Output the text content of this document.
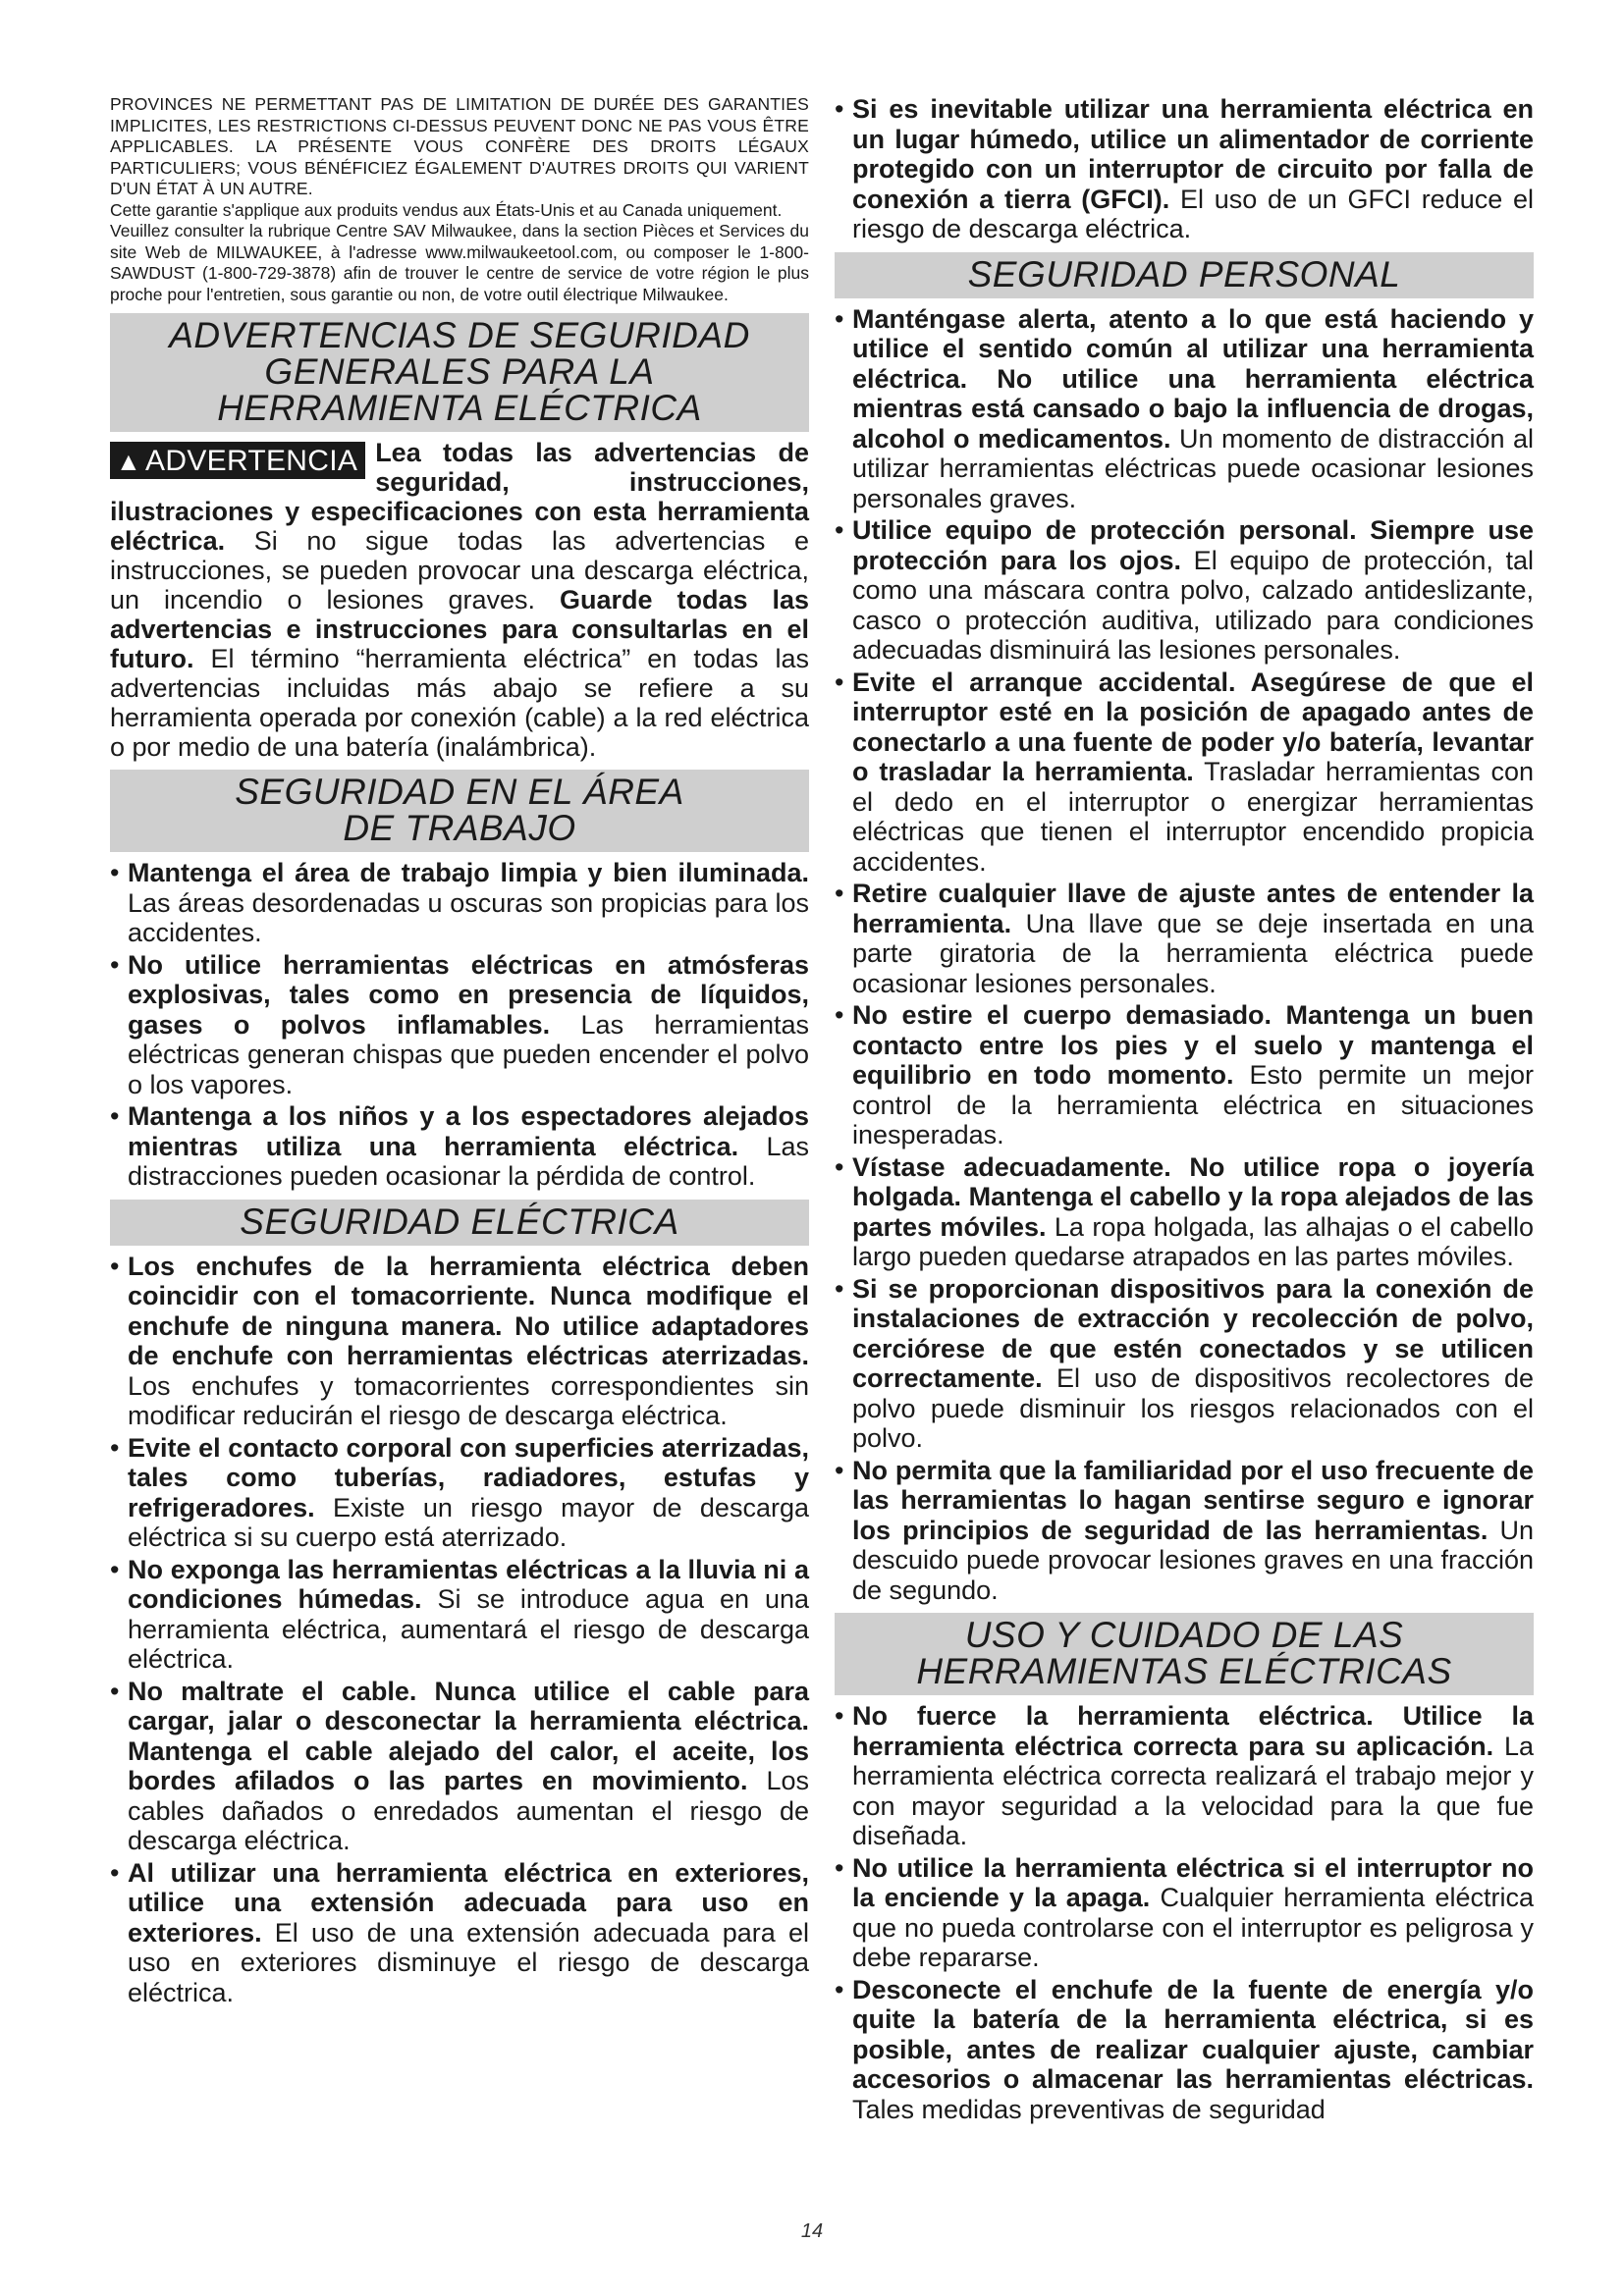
PROVINCES NE PERMETTANT PAS DE LIMITATION DE DURÉE DES GARANTIES IMPLICITES, LES RESTRICTIONS CI-DESSUS PEUVENT DONC NE PAS VOUS ÊTRE APPLICABLES. LA PRÉSENTE VOUS CONFÈRE DES DROITS LÉGAUX PARTICULIERS; VOUS BÉNÉFICIEZ ÉGALEMENT D'AUTRES DROITS QUI VARIENT D'UN ÉTAT À UN AUTRE.

Cette garantie s'applique aux produits vendus aux États-Unis et au Canada uniquement.

Veuillez consulter la rubrique Centre SAV Milwaukee, dans la section Pièces et Services du site Web de MILWAUKEE, à l'adresse www.milwaukeetool.com, ou composer le 1-800-SAWDUST (1-800-729-3878) afin de trouver le centre de service de votre région le plus proche pour l'entretien, sous garantie ou non, de votre outil électrique Milwaukee.

ADVERTENCIAS DE SEGURIDAD
GENERALES PARA LA
HERRAMIENTA ELÉCTRICA
▲ ADVERTENCIA Lea todas las advertencias de seguridad, instrucciones, ilustraciones y especificaciones con esta herramienta eléctrica. Si no sigue todas las advertencias e instrucciones, se pueden provocar una descarga eléctrica, un incendio o lesiones graves. Guarde todas las advertencias e instrucciones para consultarlas en el futuro. El término “herramienta eléctrica” en todas las advertencias incluidas más abajo se refiere a su herramienta operada por conexión (cable) a la red eléctrica o por medio de una batería (inalámbrica).
SEGURIDAD EN EL ÁREA
DE TRABAJO
• Mantenga el área de trabajo limpia y bien iluminada. Las áreas desordenadas u oscuras son propicias para los accidentes.
• No utilice herramientas eléctricas en atmósferas explosivas, tales como en presencia de líquidos, gases o polvos inflamables. Las herramientas eléctricas generan chispas que pueden encender el polvo o los vapores.
• Mantenga a los niños y a los espectadores alejados mientras utiliza una herramienta eléctrica. Las distracciones pueden ocasionar la pérdida de control.
SEGURIDAD ELÉCTRICA
• Los enchufes de la herramienta eléctrica deben coincidir con el tomacorriente. Nunca modifique el enchufe de ninguna manera. No utilice adaptadores de enchufe con herramientas eléctricas aterrizadas. Los enchufes y tomacorrientes correspondientes sin modificar reducirán el riesgo de descarga eléctrica.
• Evite el contacto corporal con superficies aterrizadas, tales como tuberías, radiadores, estufas y refrigeradores. Existe un riesgo mayor de descarga eléctrica si su cuerpo está aterrizado.
• No exponga las herramientas eléctricas a la lluvia ni a condiciones húmedas. Si se introduce agua en una herramienta eléctrica, aumentará el riesgo de descarga eléctrica.
• No maltrate el cable. Nunca utilice el cable para cargar, jalar o desconectar la herramienta eléctrica. Mantenga el cable alejado del calor, el aceite, los bordes afilados o las partes en movimiento. Los cables dañados o enredados aumentan el riesgo de descarga eléctrica.
• Al utilizar una herramienta eléctrica en exteriores, utilice una extensión adecuada para uso en exteriores. El uso de una extensión adecuada para el uso en exteriores disminuye el riesgo de descarga eléctrica.
• Si es inevitable utilizar una herramienta eléctrica en un lugar húmedo, utilice un alimentador de corriente protegido con un interruptor de circuito por falla de conexión a tierra (GFCI). El uso de un GFCI reduce el riesgo de descarga eléctrica.
SEGURIDAD PERSONAL
• Manténgase alerta, atento a lo que está haciendo y utilice el sentido común al utilizar una herramienta eléctrica. No utilice una herramienta eléctrica mientras está cansado o bajo la influencia de drogas, alcohol o medicamentos. Un momento de distracción al utilizar herramientas eléctricas puede ocasionar lesiones personales graves.
• Utilice equipo de protección personal. Siempre use protección para los ojos. El equipo de protección, tal como una máscara contra polvo, calzado antideslizante, casco o protección auditiva, utilizado para condiciones adecuadas disminuirá las lesiones personales.
• Evite el arranque accidental. Asegúrese de que el interruptor esté en la posición de apagado antes de conectarlo a una fuente de poder y/o batería, levantar o trasladar la herramienta. Trasladar herramientas con el dedo en el interruptor o energizar herramientas eléctricas que tienen el interruptor encendido propicia accidentes.
• Retire cualquier llave de ajuste antes de entender la herramienta. Una llave que se deje insertada en una parte giratoria de la herramienta eléctrica puede ocasionar lesiones personales.
• No estire el cuerpo demasiado. Mantenga un buen contacto entre los pies y el suelo y mantenga el equilibrio en todo momento. Esto permite un mejor control de la herramienta eléctrica en situaciones inesperadas.
• Vístase adecuadamente. No utilice ropa o joyería holgada. Mantenga el cabello y la ropa alejados de las partes móviles. La ropa holgada, las alhajas o el cabello largo pueden quedarse atrapados en las partes móviles.
• Si se proporcionan dispositivos para la conexión de instalaciones de extracción y recolección de polvo, cerciórese de que estén conectados y se utilicen correctamente. El uso de dispositivos recolectores de polvo puede disminuir los riesgos relacionados con el polvo.
• No permita que la familiaridad por el uso frecuente de las herramientas lo hagan sentirse seguro e ignorar los principios de seguridad de las herramientas. Un descuido puede provocar lesiones graves en una fracción de segundo.
USO Y CUIDADO DE LAS
HERRAMIENTAS ELÉCTRICAS
• No fuerce la herramienta eléctrica. Utilice la herramienta eléctrica correcta para su aplicación. La herramienta eléctrica correcta realizará el trabajo mejor y con mayor seguridad a la velocidad para la que fue diseñada.
• No utilice la herramienta eléctrica si el interruptor no la enciende y la apaga. Cualquier herramienta eléctrica que no pueda controlarse con el interruptor es peligrosa y debe repararse.
• Desconecte el enchufe de la fuente de energía y/o quite la batería de la herramienta eléctrica, si es posible, antes de realizar cualquier ajuste, cambiar accesorios o almacenar las herramientas eléctricas. Tales medidas preventivas de seguridad
14
